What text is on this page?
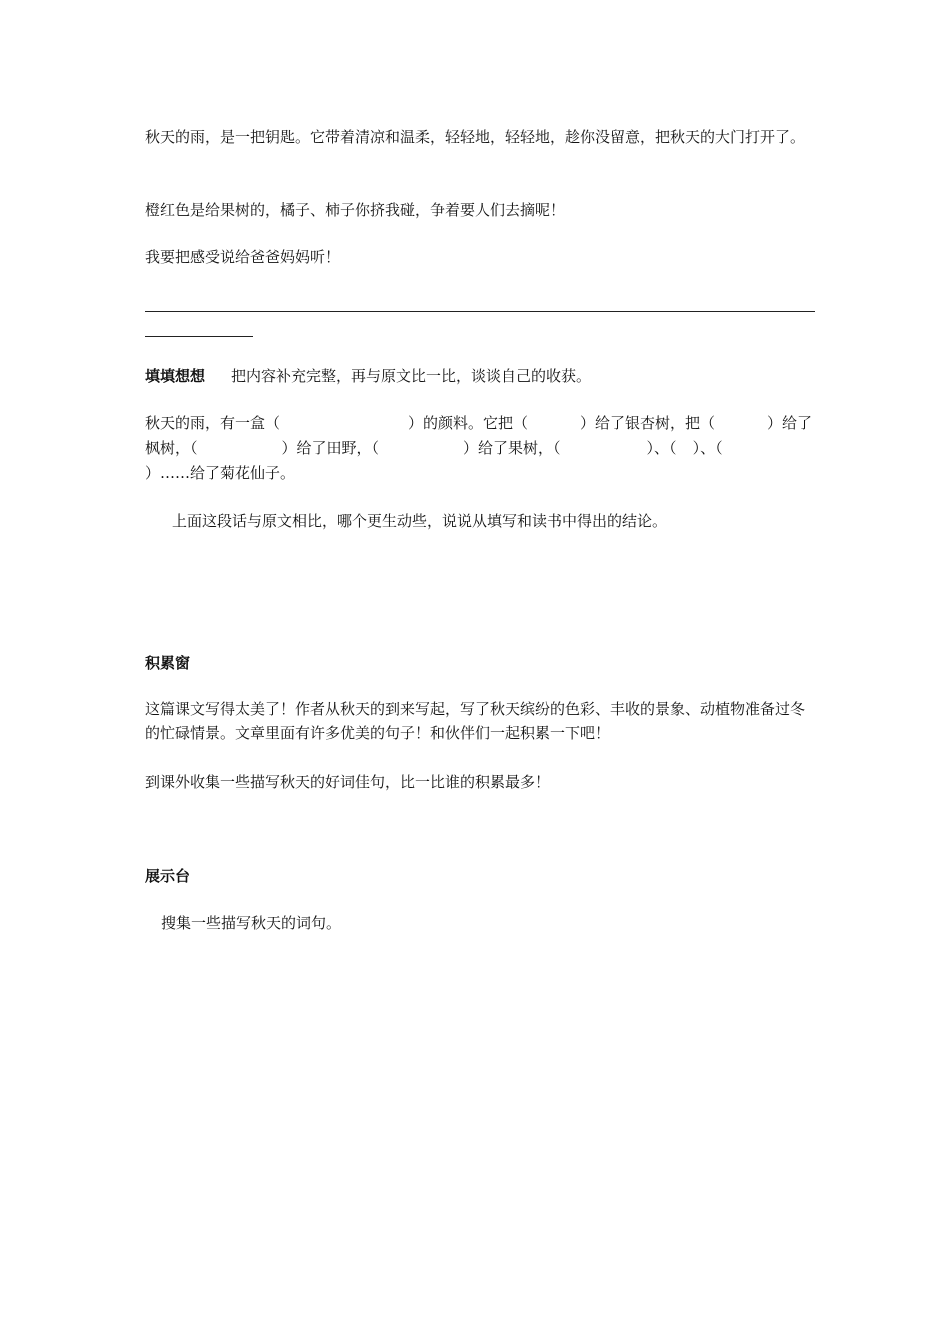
秋天的雨，是一把钥匙。它带着清凉和温柔，轻轻地，轻轻地，趁你没留意，把秋天的大门打开了。
橙红色是给果树的，橘子、柿子你挤我碰，争着要人们去摘呢！
我要把感受说给爸爸妈妈听！
填填想想 把内容补充完整，再与原文比一比，谈谈自己的收获。
秋天的雨，有一盒（	）的颜料。它把（	）给了银杏树，把（	）给了枫树，（	）给了田野，（	）给了果树，（	）、（ ）、（）……给了菊花仙子。
上面这段话与原文相比，哪个更生动些，说说从填写和读书中得出的结论。
积累窗
这篇课文写得太美了！作者从秋天的到来写起，写了秋天缤纷的色彩、丰收的景象、动植物准备过冬的忙碌情景。文章里面有许多优美的句子！和伙伴们一起积累一下吧！
到课外收集一些描写秋天的好词佳句，比一比谁的积累最多！
展示台
搜集一些描写秋天的词句。
